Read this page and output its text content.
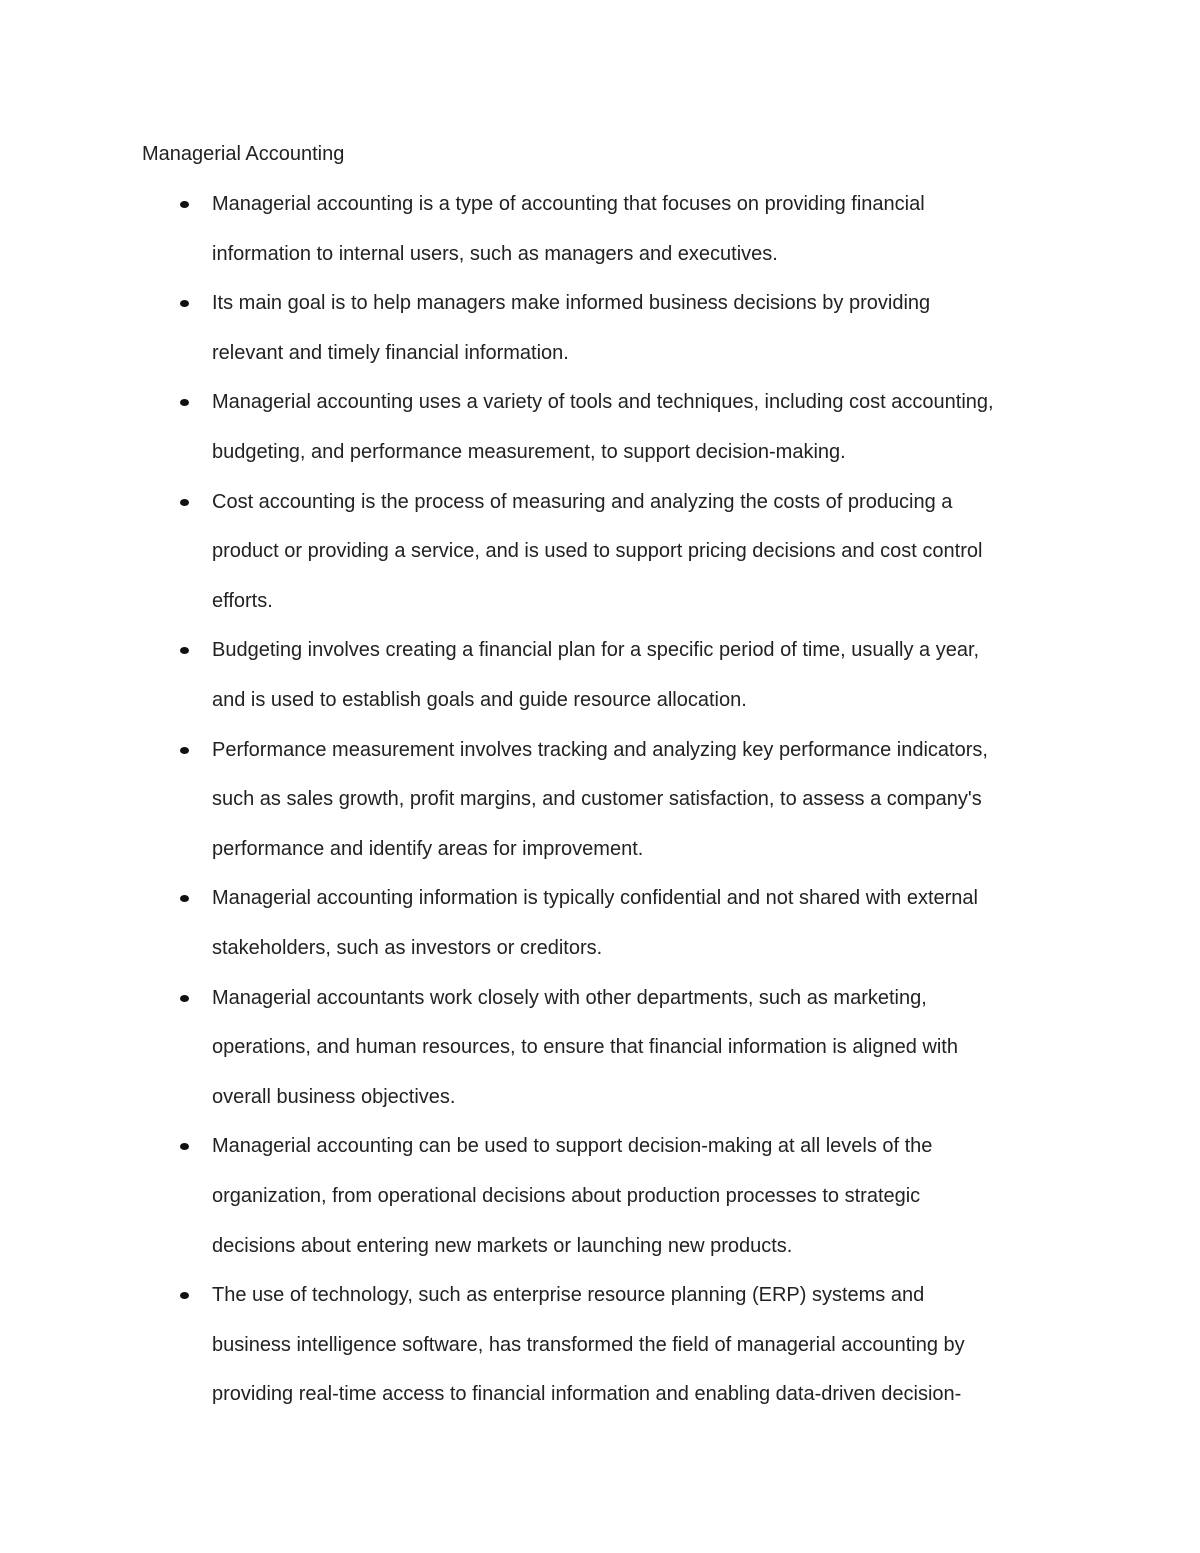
Managerial Accounting
Managerial accounting is a type of accounting that focuses on providing financial
information to internal users, such as managers and executives.
Its main goal is to help managers make informed business decisions by providing
relevant and timely financial information.
Managerial accounting uses a variety of tools and techniques, including cost accounting,
budgeting, and performance measurement, to support decision-making.
Cost accounting is the process of measuring and analyzing the costs of producing a
product or providing a service, and is used to support pricing decisions and cost control
efforts.
Budgeting involves creating a financial plan for a specific period of time, usually a year,
and is used to establish goals and guide resource allocation.
Performance measurement involves tracking and analyzing key performance indicators,
such as sales growth, profit margins, and customer satisfaction, to assess a company's
performance and identify areas for improvement.
Managerial accounting information is typically confidential and not shared with external
stakeholders, such as investors or creditors.
Managerial accountants work closely with other departments, such as marketing,
operations, and human resources, to ensure that financial information is aligned with
overall business objectives.
Managerial accounting can be used to support decision-making at all levels of the
organization, from operational decisions about production processes to strategic
decisions about entering new markets or launching new products.
The use of technology, such as enterprise resource planning (ERP) systems and
business intelligence software, has transformed the field of managerial accounting by
providing real-time access to financial information and enabling data-driven decision-
